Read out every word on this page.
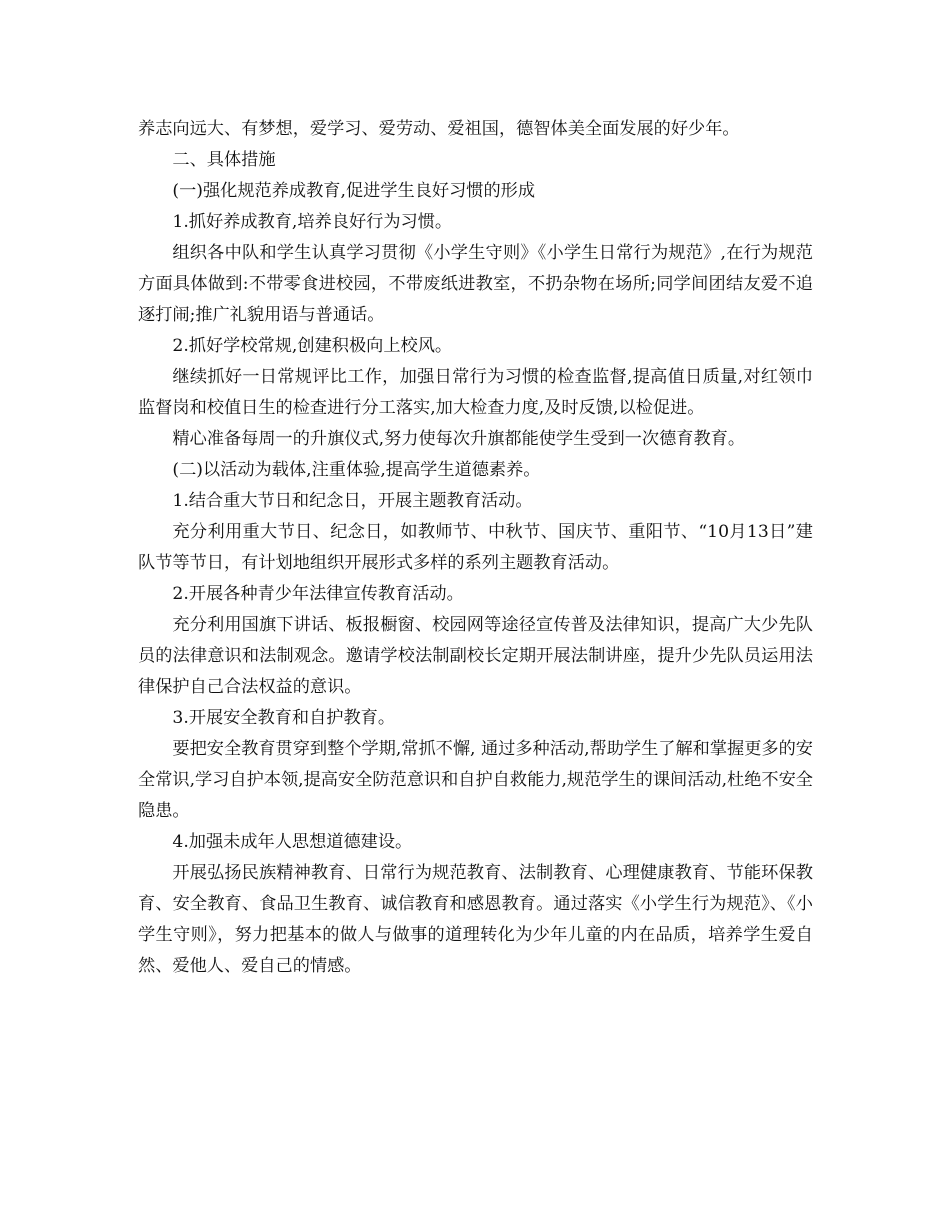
养志向远大、有梦想，爱学习、爱劳动、爱祖国，德智体美全面发展的好少年。

二、具体措施

(一)强化规范养成教育,促进学生良好习惯的形成

1.抓好养成教育,培养良好行为习惯。

组织各中队和学生认真学习贯彻《小学生守则》《小学生日常行为规范》,在行为规范方面具体做到:不带零食进校园，不带废纸进教室，不扔杂物在场所;同学间团结友爱不追逐打闹;推广礼貌用语与普通话。

2.抓好学校常规,创建积极向上校风。

继续抓好一日常规评比工作，加强日常行为习惯的检查监督,提高值日质量,对红领巾监督岗和校值日生的检查进行分工落实,加大检查力度,及时反馈,以检促进。

精心准备每周一的升旗仪式,努力使每次升旗都能使学生受到一次德育教育。

(二)以活动为载体,注重体验,提高学生道德素养。

1.结合重大节日和纪念日，开展主题教育活动。

充分利用重大节日、纪念日，如教师节、中秋节、国庆节、重阳节、“10月13日”建队节等节日，有计划地组织开展形式多样的系列主题教育活动。

2.开展各种青少年法律宣传教育活动。

充分利用国旗下讲话、板报橱窗、校园网等途径宣传普及法律知识，提高广大少先队员的法律意识和法制观念。邀请学校法制副校长定期开展法制讲座，提升少先队员运用法律保护自己合法权益的意识。

3.开展安全教育和自护教育。

要把安全教育贯穿到整个学期,常抓不懈, 通过多种活动,帮助学生了解和掌握更多的安全常识,学习自护本领,提高安全防范意识和自护自救能力,规范学生的课间活动,杜绝不安全隐患。

4.加强未成年人思想道德建设。

开展弘扬民族精神教育、日常行为规范教育、法制教育、心理健康教育、节能环保教育、安全教育、食品卫生教育、诚信教育和感恩教育。通过落实《小学生行为规范》、《小学生守则》，努力把基本的做人与做事的道理转化为少年儿童的内在品质，培养学生爱自然、爱他人、爱自己的情感。
